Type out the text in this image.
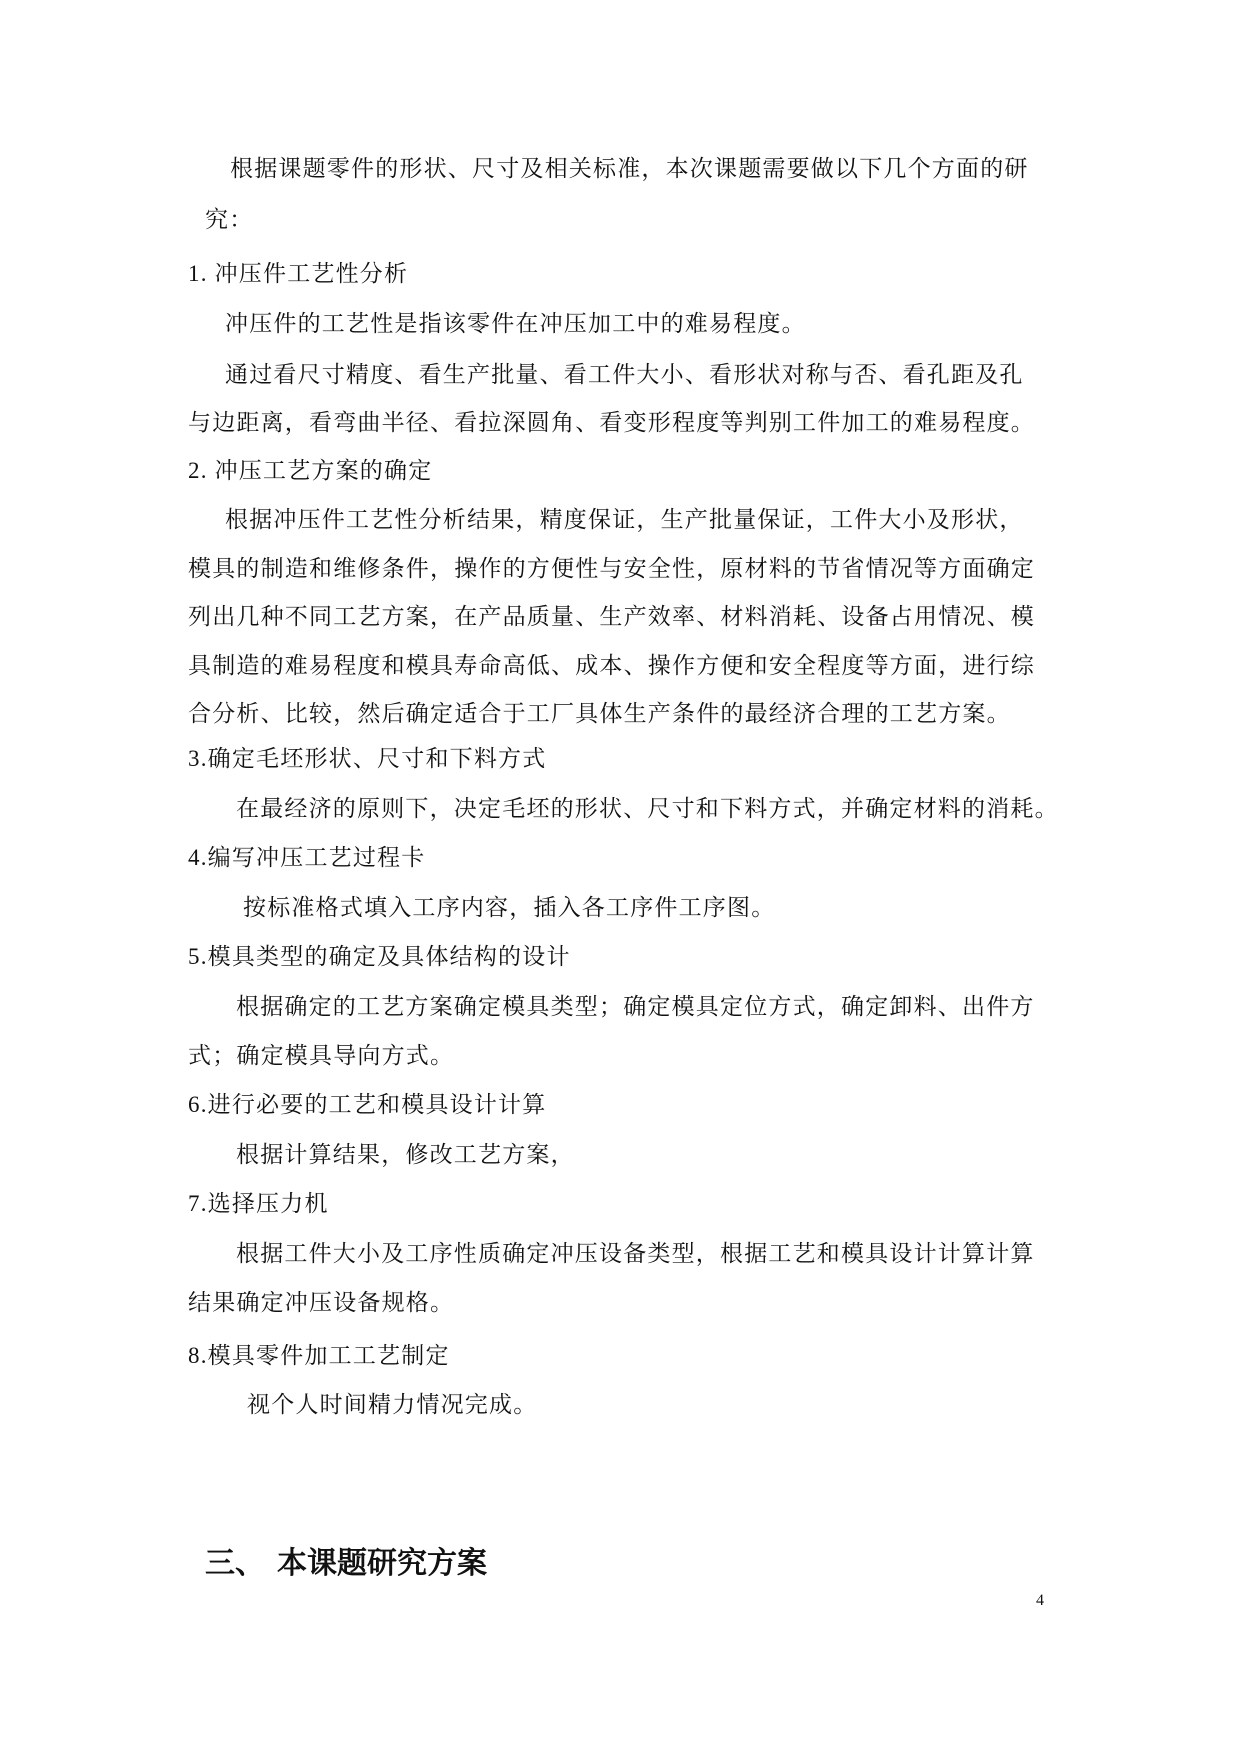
根据课题零件的形状、尺寸及相关标准，本次课题需要做以下几个方面的研
究：
1. 冲压件工艺性分析
冲压件的工艺性是指该零件在冲压加工中的难易程度。
通过看尺寸精度、看生产批量、看工件大小、看形状对称与否、看孔距及孔
与边距离，看弯曲半径、看拉深圆角、看变形程度等判别工件加工的难易程度。
2. 冲压工艺方案的确定
根据冲压件工艺性分析结果，精度保证，生产批量保证，工件大小及形状，
模具的制造和维修条件，操作的方便性与安全性，原材料的节省情况等方面确定
列出几种不同工艺方案，在产品质量、生产效率、材料消耗、设备占用情况、模
具制造的难易程度和模具寿命高低、成本、操作方便和安全程度等方面，进行综
合分析、比较，然后确定适合于工厂具体生产条件的最经济合理的工艺方案。
3.确定毛坯形状、尺寸和下料方式
在最经济的原则下，决定毛坯的形状、尺寸和下料方式，并确定材料的消耗。
4.编写冲压工艺过程卡
按标准格式填入工序内容，插入各工序件工序图。
5.模具类型的确定及具体结构的设计
根据确定的工艺方案确定模具类型；确定模具定位方式，确定卸料、出件方
式；确定模具导向方式。
6.进行必要的工艺和模具设计计算
根据计算结果，修改工艺方案，
7.选择压力机
根据工件大小及工序性质确定冲压设备类型，根据工艺和模具设计计算计算
结果确定冲压设备规格。
8.模具零件加工工艺制定
视个人时间精力情况完成。
三、 本课题研究方案
4
